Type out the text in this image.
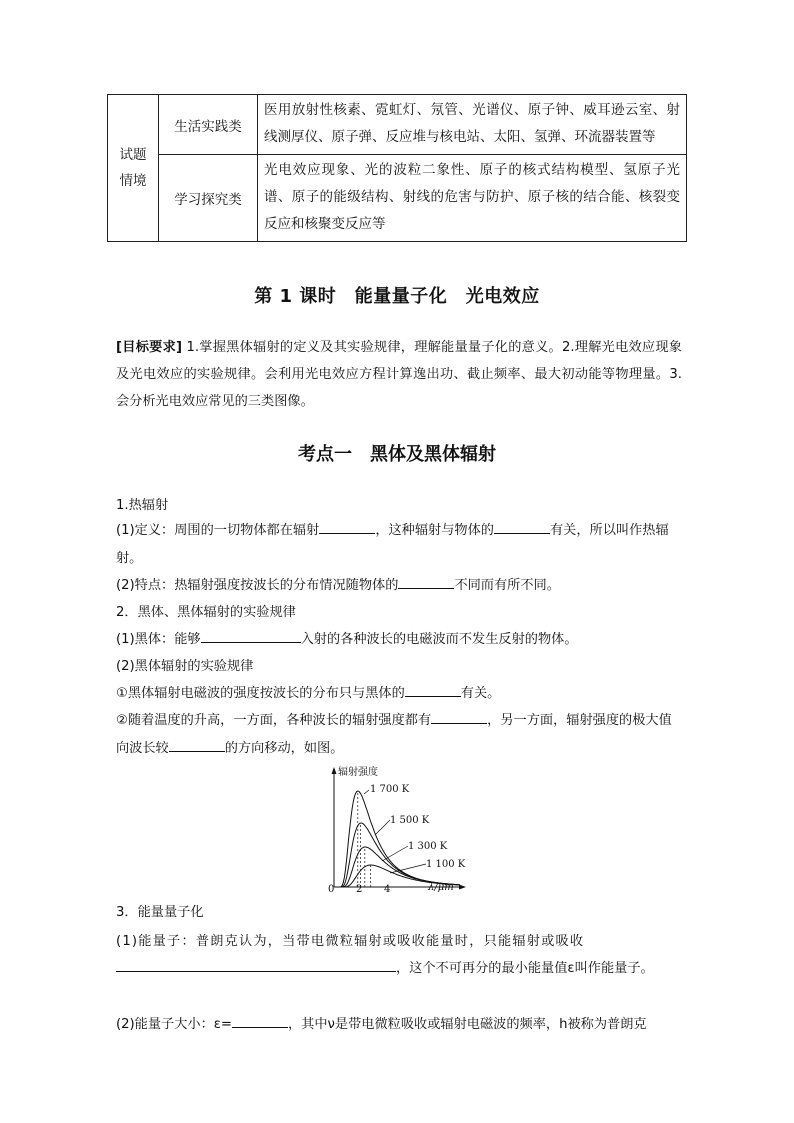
试题
情境	生活实践类	医用放射性核素、霓虹灯、氖管、光谱仪、原子钟、威耳逊云室、射线测厚仪、原子弹、反应堆与核电站、太阳、氢弹、环流器装置等
	学习探究类	光电效应现象、光的波粒二象性、原子的核式结构模型、氢原子光谱、原子的能级结构、射线的危害与防护、原子核的结合能、核裂变反应和核聚变反应等
第 1 课时　能量量子化　光电效应
[目标要求] 1.掌握黑体辐射的定义及其实验规律，理解能量量子化的意义。2.理解光电效应现象及光电效应的实验规律。会利用光电效应方程计算逸出功、截止频率、最大初动能等物理量。3.会分析光电效应常见的三类图像。
考点一　黑体及黑体辐射
1.热辐射
(1)定义：周围的一切物体都在辐射	，这种辐射与物体的	有关，所以叫作热辐射。
(2)特点：热辐射强度按波长的分布情况随物体的	不同而有所不同。
2．黑体、黑体辐射的实验规律
(1)黑体：能够	入射的各种波长的电磁波而不发生反射的物体。
(2)黑体辐射的实验规律
①黑体辐射电磁波的强度按波长的分布只与黑体的	有关。
②随着温度的升高，一方面，各种波长的辐射强度都有	，另一方面，辐射强度的极大值向波长较	的方向移动，如图。
辐射强度
λ/μm
0 2 4
1 700 K
1 500 K
1 300 K
1 100 K
3．能量量子化
(1)能量子：普朗克认为，当带电微粒辐射或吸收能量时，只能辐射或吸收
，这个不可再分的最小能量值ε叫作能量子。
(2)能量子大小：ε=	，其中ν是带电微粒吸收或辐射电磁波的频率，h被称为普朗克
